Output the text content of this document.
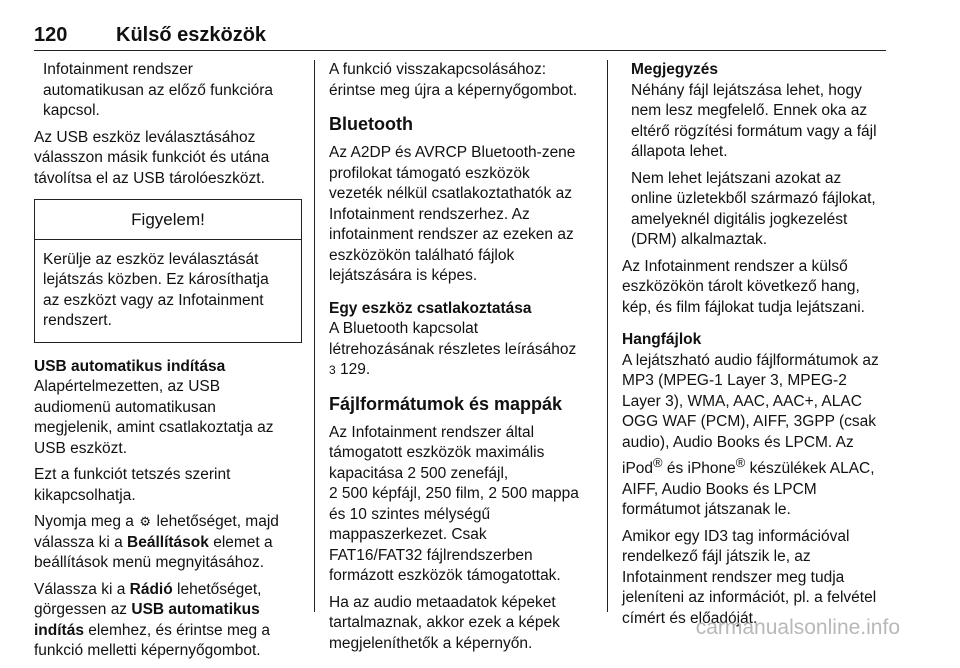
120 Külső eszközök

Infotainment rendszer
automatikusan az előző funkcióra
kapcsol.

Az USB eszköz leválasztásához
válasszon másik funkciót és utána
távolítsa el az USB tárolóeszközt.

Figyelem!
Kerülje az eszköz leválasztását
lejátszás közben. Ez károsíthatja
az eszközt vagy az Infotainment
rendszert.
USB automatikus indítása

Alapértelmezetten, az USB
audiomenü automatikusan
megjelenik, amint csatlakoztatja az
USB eszközt.

Ezt a funkciót tetszés szerint
kikapcsolhatja.

Nyomja meg a ⚙ lehetőséget, majd
válassza ki a Beállítások elemet a
beállítások menü megnyitásához.

Válassza ki a Rádió lehetőséget,
görgessen az USB automatikus
indítás elemhez, és érintse meg a
funkció melletti képernyőgombot.

A funkció visszakapcsolásához:
érintse meg újra a képernyőgombot.

Bluetooth

Az A2DP és AVRCP Bluetooth-zene
profilokat támogató eszközök
vezeték nélkül csatlakoztathatók az
Infotainment rendszerhez. Az
infotainment rendszer az ezeken az
eszközökön található fájlok
lejátszására is képes.

Egy eszköz csatlakoztatása

A Bluetooth kapcsolat
létrehozásának részletes leírásához
3 129.

Fájlformátumok és mappák

Az Infotainment rendszer által
támogatott eszközök maximális
kapacitása 2 500 zenefájl,
2 500 képfájl, 250 film, 2 500 mappa
és 10 szintes mélységű
mappaszerkezet. Csak
FAT16/FAT32 fájlrendszerben
formázott eszközök támogatottak.

Ha az audio metaadatok képeket
tartalmaznak, akkor ezek a képek
megjeleníthetők a képernyőn.

Megjegyzés

Néhány fájl lejátszása lehet, hogy
nem lesz megfelelő. Ennek oka az
eltérő rögzítési formátum vagy a fájl
állapota lehet.

Nem lehet lejátszani azokat az
online üzletekből származó fájlokat,
amelyeknél digitális jogkezelést
(DRM) alkalmaztak.

Az Infotainment rendszer a külső
eszközökön tárolt következő hang,
kép, és film fájlokat tudja lejátszani.

Hangfájlok

A lejátszható audio fájlformátumok az
MP3 (MPEG-1 Layer 3, MPEG-2
Layer 3), WMA, AAC, AAC+, ALAC
OGG WAF (PCM), AIFF, 3GPP (csak
audio), Audio Books és LPCM. Az
iPod® és iPhone® készülékek ALAC,
AIFF, Audio Books és LPCM
formátumot játszanak le.

Amikor egy ID3 tag információval
rendelkező fájl játszik le, az
Infotainment rendszer meg tudja
jeleníteni az információt, pl. a felvétel
címért és előadóját.

carmanualsonline.info
